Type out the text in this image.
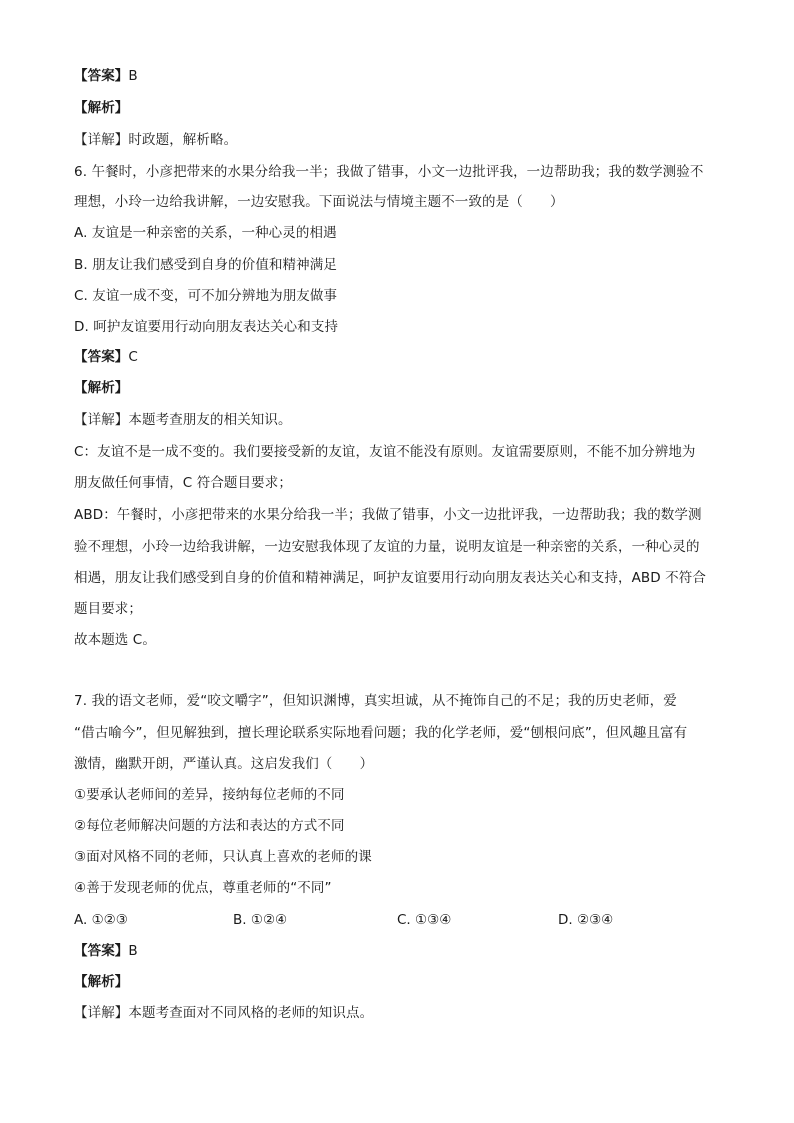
【答案】B
【解析】
【详解】时政题，解析略。
6. 午餐时，小彦把带来的水果分给我一半；我做了错事，小文一边批评我，一边帮助我；我的数学测验不
理想，小玲一边给我讲解，一边安慰我。下面说法与情境主题不一致的是（　　）
A. 友谊是一种亲密的关系，一种心灵的相遇
B. 朋友让我们感受到自身的价值和精神满足
C. 友谊一成不变，可不加分辨地为朋友做事
D. 呵护友谊要用行动向朋友表达关心和支持
【答案】C
【解析】
【详解】本题考查朋友的相关知识。
C：友谊不是一成不变的。我们要接受新的友谊，友谊不能没有原则。友谊需要原则，不能不加分辨地为
朋友做任何事情，C 符合题目要求；
ABD：午餐时，小彦把带来的水果分给我一半；我做了错事，小文一边批评我，一边帮助我；我的数学测
验不理想，小玲一边给我讲解，一边安慰我体现了友谊的力量，说明友谊是一种亲密的关系，一种心灵的
相遇，朋友让我们感受到自身的价值和精神满足，呵护友谊要用行动向朋友表达关心和支持，ABD 不符合
题目要求；
故本题选 C。
7. 我的语文老师，爱“咬文嚼字”，但知识渊博，真实坦诚，从不掩饰自己的不足；我的历史老师，爱
“借古喻今”，但见解独到，擅长理论联系实际地看问题；我的化学老师，爱“刨根问底”，但风趣且富有
激情，幽默开朗，严谨认真。这启发我们（　　）
①要承认老师间的差异，接纳每位老师的不同
②每位老师解决问题的方法和表达的方式不同
③面对风格不同的老师，只认真上喜欢的老师的课
④善于发现老师的优点，尊重老师的“不同”
A. ①②③	B. ①②④	C. ①③④	D. ②③④
【答案】B
【解析】
【详解】本题考查面对不同风格的老师的知识点。
